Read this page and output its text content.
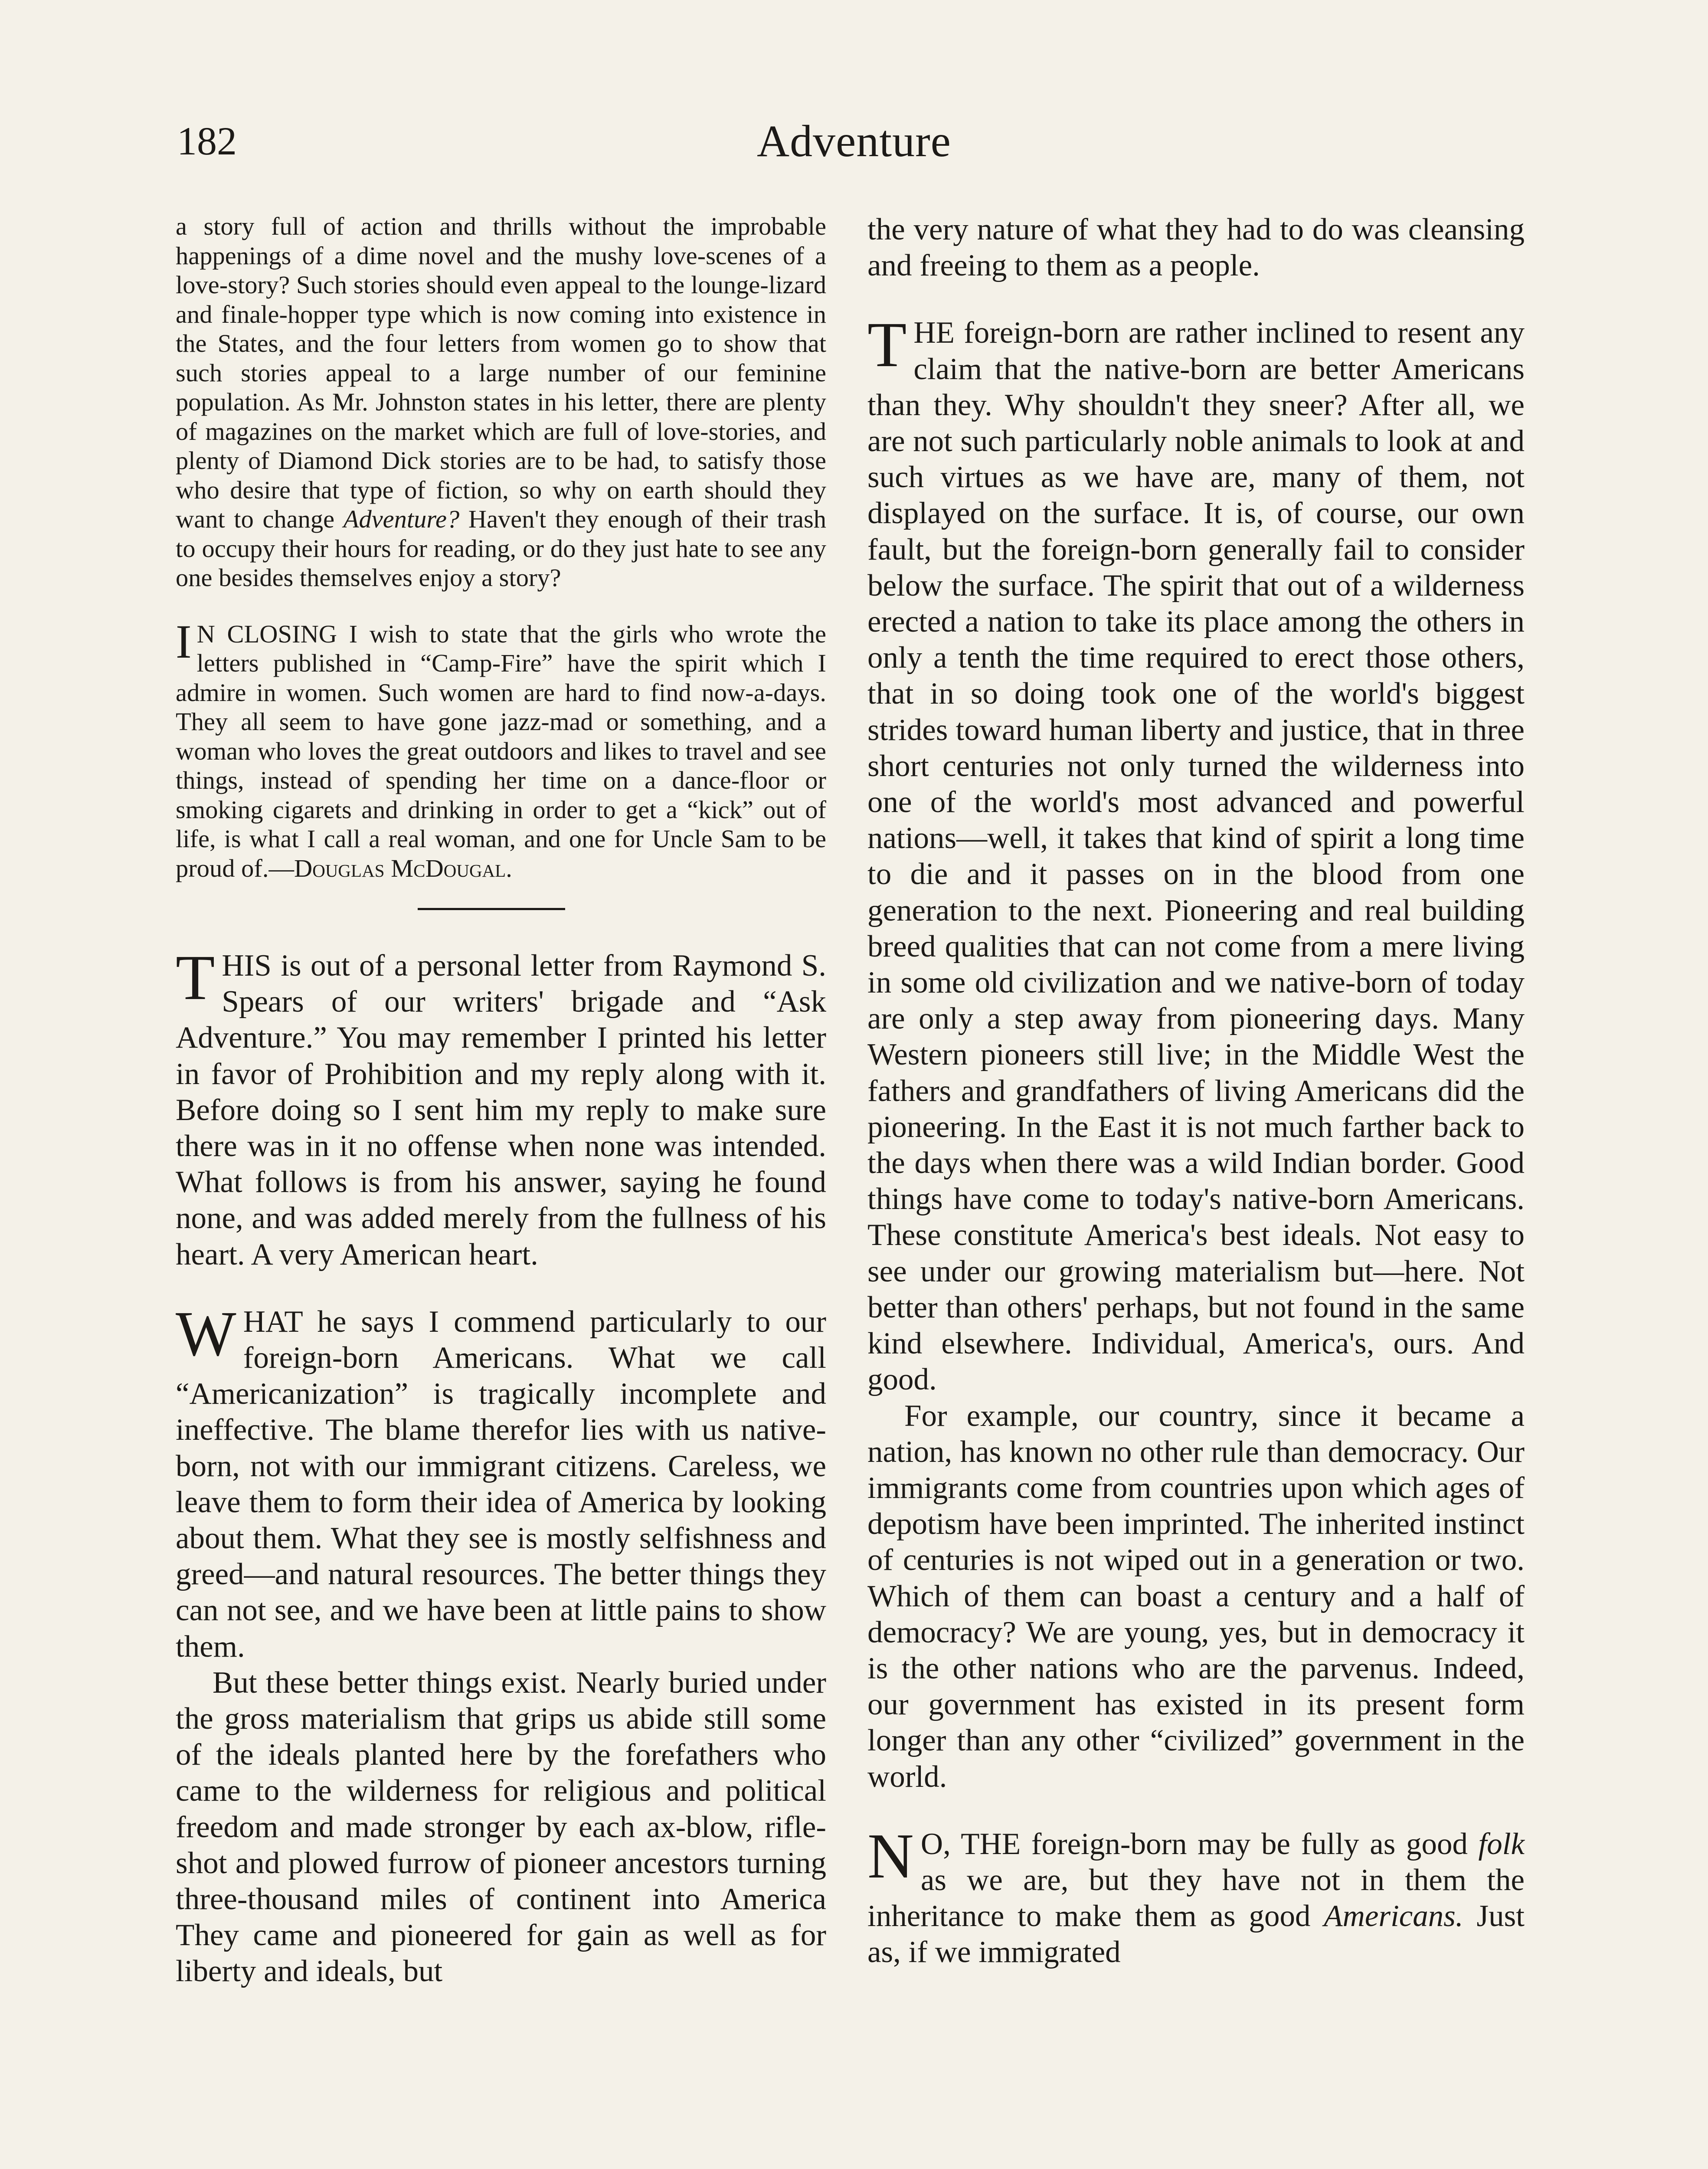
182	Adventure

a story full of action and thrills without the improbable happenings of a dime novel and the mushy love-scenes of a love-story? Such stories should even appeal to the lounge-lizard and finale-hopper type which is now coming into existence in the States, and the four letters from women go to show that such stories appeal to a large number of our feminine population. As Mr. Johnston states in his letter, there are plenty of magazines on the market which are full of love-stories, and plenty of Diamond Dick stories are to be had, to satisfy those who desire that type of fiction, so why on earth should they want to change Adventure? Haven't they enough of their trash to occupy their hours for reading, or do they just hate to see any one besides themselves enjoy a story?

I N CLOSING I wish to state that the girls who wrote the letters published in “Camp-Fire” have the spirit which I admire in women. Such women are hard to find now-a-days. They all seem to have gone jazz-mad or something, and a woman who loves the great outdoors and likes to travel and see things, instead of spending her time on a dance-floor or smoking cigarets and drinking in order to get a “kick” out of life, is what I call a real woman, and one for Uncle Sam to be proud of.—Douglas McDougal.

THIS is out of a personal letter from Raymond S. Spears of our writers' brigade and “Ask Adventure.” You may remember I printed his letter in favor of Prohibition and my reply along with it. Before doing so I sent him my reply to make sure there was in it no offense when none was intended. What follows is from his answer, saying he found none, and was added merely from the fullness of his heart. A very American heart.

WHAT he says I commend particularly to our foreign-born Americans. What we call “Americanization” is tragically incomplete and ineffective. The blame therefor lies with us native-born, not with our immigrant citizens. Careless, we leave them to form their idea of America by looking about them. What they see is mostly selfishness and greed—and natural resources. The better things they can not see, and we have been at little pains to show them.

But these better things exist. Nearly buried under the gross materialism that grips us abide still some of the ideals planted here by the forefathers who came to the wilderness for religious and political freedom and made stronger by each ax-blow, rifle-shot and plowed furrow of pioneer ancestors turning three-thousand miles of continent into America They came and pioneered for gain as well as for liberty and ideals, but

the very nature of what they had to do was cleansing and freeing to them as a people.

THE foreign-born are rather inclined to resent any claim that the native-born are better Americans than they. Why shouldn't they sneer? After all, we are not such particularly noble animals to look at and such virtues as we have are, many of them, not displayed on the surface. It is, of course, our own fault, but the foreign-born generally fail to consider below the surface. The spirit that out of a wilderness erected a nation to take its place among the others in only a tenth the time required to erect those others, that in so doing took one of the world's biggest strides toward human liberty and justice, that in three short centuries not only turned the wilderness into one of the world's most advanced and powerful nations—well, it takes that kind of spirit a long time to die and it passes on in the blood from one generation to the next. Pioneering and real building breed qualities that can not come from a mere living in some old civilization and we native-born of today are only a step away from pioneering days. Many Western pioneers still live; in the Middle West the fathers and grandfathers of living Americans did the pioneering. In the East it is not much farther back to the days when there was a wild Indian border. Good things have come to today's native-born Americans. These constitute America's best ideals. Not easy to see under our growing materialism but—here. Not better than others' perhaps, but not found in the same kind elsewhere. Individual, America's, ours. And good.

For example, our country, since it became a nation, has known no other rule than democracy. Our immigrants come from countries upon which ages of depotism have been imprinted. The inherited instinct of centuries is not wiped out in a generation or two. Which of them can boast a century and a half of democracy? We are young, yes, but in democracy it is the other nations who are the parvenus. Indeed, our government has existed in its present form longer than any other “civilized” government in the world.

N O, THE foreign-born may be fully as good folk as we are, but they have not in them the inheritance to make them as good Americans. Just as, if we immigrated
